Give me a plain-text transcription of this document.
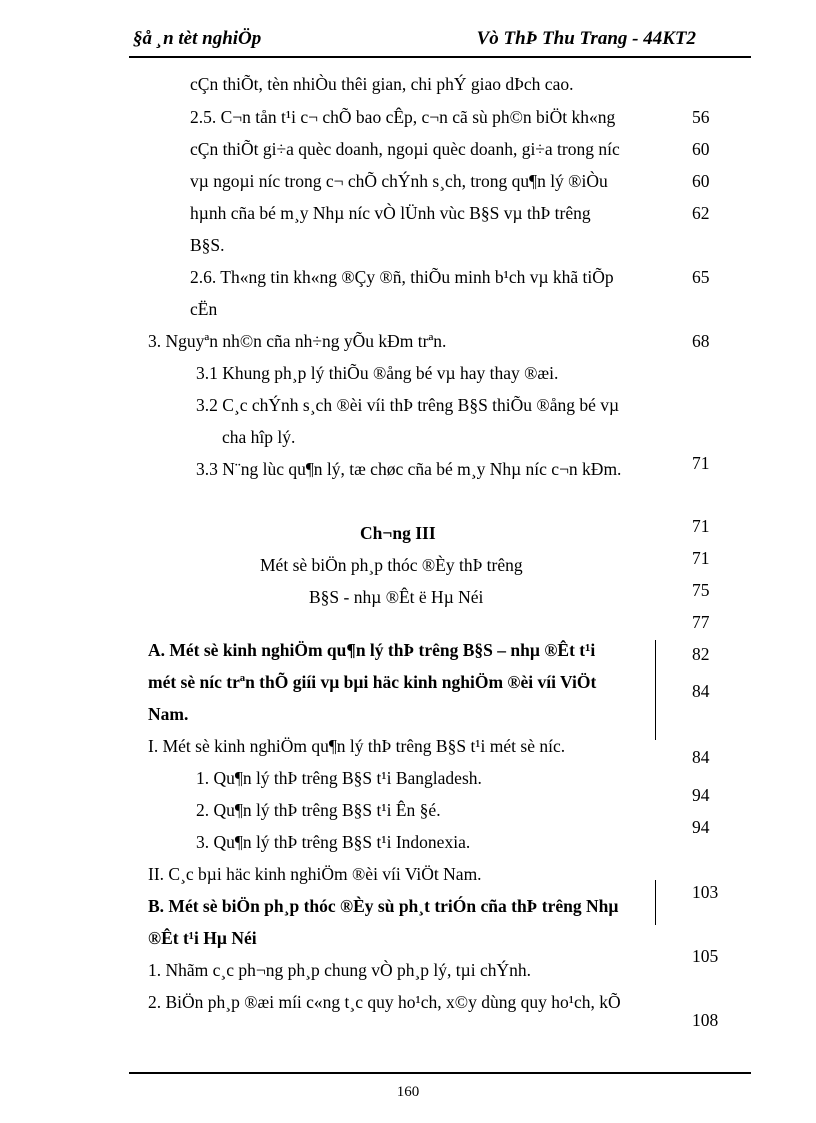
§å ¸n tèt nghiÖp	Vò ThÞ Thu Trang - 44KT2
cÇn thiÕt, tèn nhiÒu thêi gian, chi phÝ giao dÞch cao.
2.5. C¬n tån t¹i c¬ chÕ bao cÊp, c¬n cã sù ph©n biÖt kh«ng
cÇn thiÕt gi÷a quèc doanh, ngoµi quèc doanh, gi÷a trong níc
vµ ngoµi níc trong c¬ chÕ chÝnh s¸ch, trong qu¶n lý ®iÒu
hµnh cña bé m¸y Nhµ níc vÒ lÜnh vùc B§S vµ thÞ trêng
B§S.
2.6. Th«ng tin kh«ng ®Çy ®ñ, thiÕu minh b¹ch vµ khã tiÕp
cËn
3. Nguyªn nh©n cña nh÷ng yÕu kÐm trªn.
3.1 Khung ph¸p lý thiÕu ®ång bé vµ hay thay ®æi.
3.2 C¸c chÝnh s¸ch ®èi víi thÞ trêng B§S thiÕu ®ång bé vµ
cha hîp lý.
3.3 N¨ng lùc qu¶n lý, tæ chøc cña bé m¸y Nhµ níc c¬n kÐm.
Ch¬ng III
Mét sè biÖn ph¸p thóc ®Èy thÞ trêng
B§S - nhµ ®Êt ë Hµ Néi
A. Mét sè kinh nghiÖm qu¶n lý thÞ trêng B§S – nhµ ®Êt t¹i
mét sè níc trªn thÕ giíi vµ bµi häc kinh nghiÖm ®èi víi ViÖt
Nam.
I. Mét sè kinh nghiÖm qu¶n lý thÞ trêng B§S t¹i mét sè níc.
1. Qu¶n lý thÞ trêng B§S t¹i Bangladesh.
2. Qu¶n lý thÞ trêng B§S t¹i Ên §é.
3. Qu¶n lý thÞ trêng B§S t¹i Indonexia.
II. C¸c bµi häc kinh nghiÖm ®èi víi ViÖt Nam.
B. Mét sè biÖn ph¸p thóc ®Èy sù ph¸t triÓn cña thÞ trêng Nhµ
®Êt t¹i Hµ Néi
1. Nhãm c¸c ph¬ng ph¸p chung vÒ ph¸p lý, tµi chÝnh.
2. BiÖn ph¸p ®æi míi c«ng t¸c quy ho¹ch, x©y dùng quy ho¹ch, kÕ
56
60
60
62
65
68
71
71
71
75
77
82
84
84
94
94
103
105
108
160
